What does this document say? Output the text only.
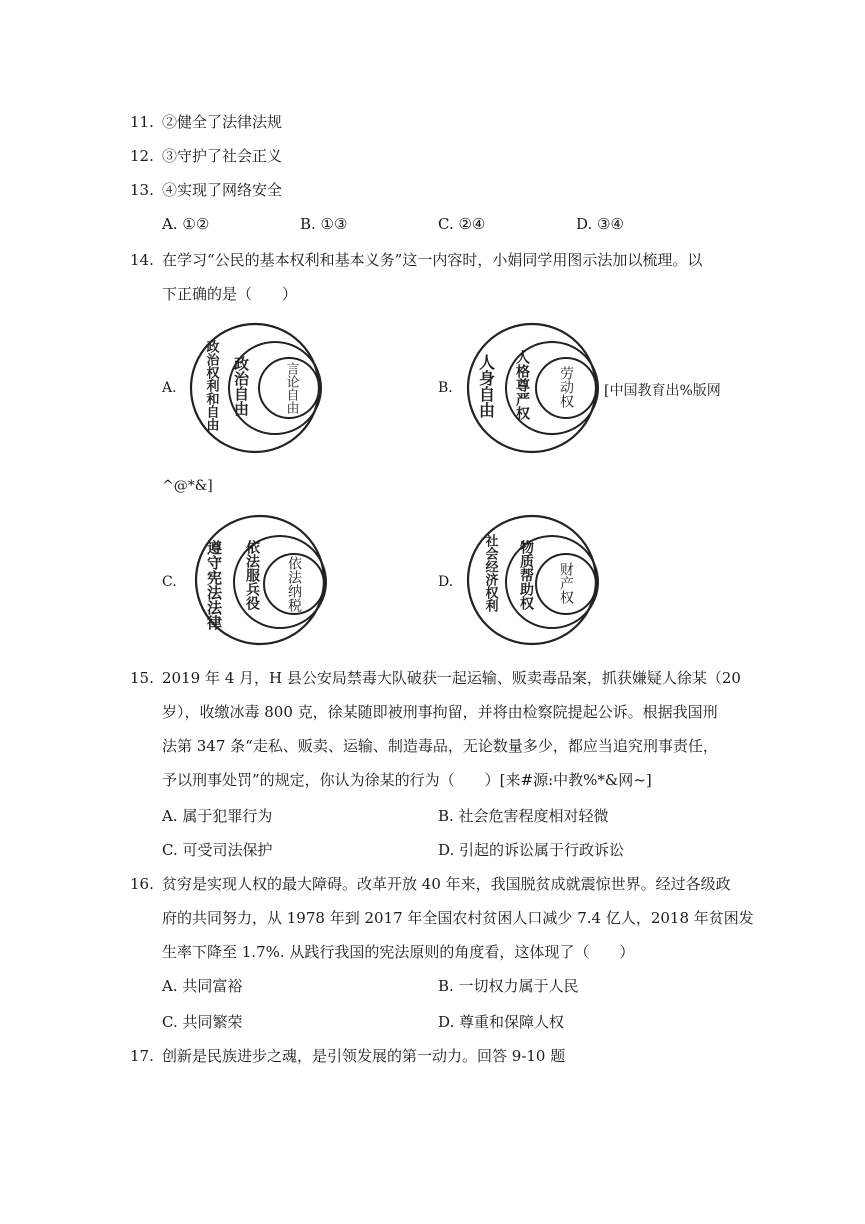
11. ②健全了法律法规
12. ③守护了社会正义
13. ④实现了网络安全
A. ①②	B. ①③	C. ②④	D. ③④
14. 在学习“公民的基本权利和基本义务”这一内容时，小娟同学用图示法加以梳理。以
下正确的是（　　）
A.	B.
C.	D.
[中国教育出%版网
^@*&]
政治权利和自由 政治自由	言论自由	人身自由 人格尊严权 劳动权
遵守宪法法律 依法服兵役 依法纳税	社会经济权利 物质帮助权 财产权
15. 2019 年 4 月，H 县公安局禁毒大队破获一起运输、贩卖毒品案，抓获嫌疑人徐某（20
岁），收缴冰毒 800 克，徐某随即被刑事拘留，并将由检察院提起公诉。根据我国刑
法第 347 条“走私、贩卖、运输、制造毒品，无论数量多少，都应当追究刑事责任，
予以刑事处罚”的规定，你认为徐某的行为（　　）[来#源:中教%*&网~]
A. 属于犯罪行为	B. 社会危害程度相对轻微
C. 可受司法保护	D. 引起的诉讼属于行政诉讼
16. 贫穷是实现人权的最大障碍。改革开放 40 年来，我国脱贫成就震惊世界。经过各级政
府的共同努力，从 1978 年到 2017 年全国农村贫困人口减少 7.4 亿人，2018 年贫困发
生率下降至 1.7%. 从践行我国的宪法原则的角度看，这体现了（　　）
A. 共同富裕	B. 一切权力属于人民
C. 共同繁荣	D. 尊重和保障人权
17. 创新是民族进步之魂，是引领发展的第一动力。回答 9-10 题
